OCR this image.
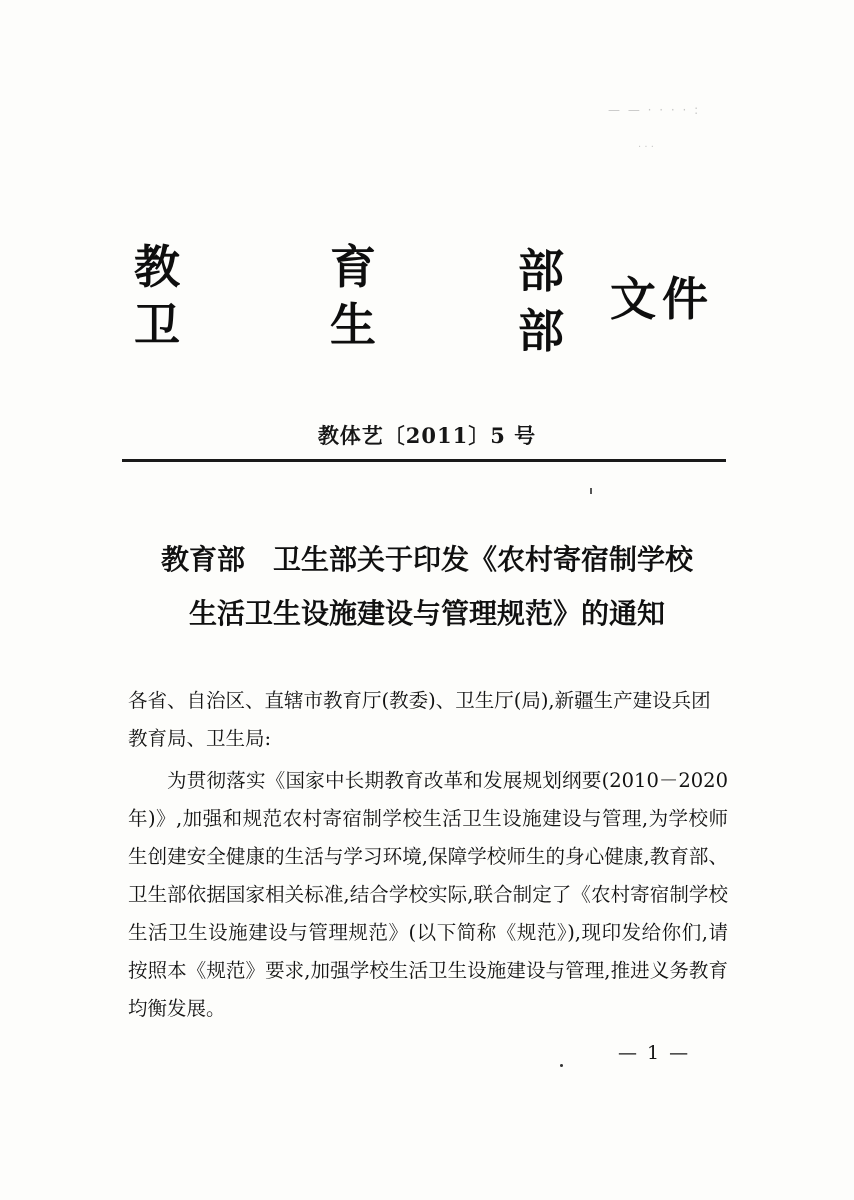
— — · · · · :
· · ·
教	育	部
卫	生	部
文件
教体艺〔2011〕5 号
教育部　卫生部关于印发《农村寄宿制学校
生活卫生设施建设与管理规范》的通知
各省、自治区、直辖市教育厅(教委)、卫生厅(局),新疆生产建设兵团教育局、卫生局:
为贯彻落实《国家中长期教育改革和发展规划纲要(2010－2020年)》,加强和规范农村寄宿制学校生活卫生设施建设与管理,为学校师生创建安全健康的生活与学习环境,保障学校师生的身心健康,教育部、卫生部依据国家相关标准,结合学校实际,联合制定了《农村寄宿制学校生活卫生设施建设与管理规范》(以下简称《规范》),现印发给你们,请按照本《规范》要求,加强学校生活卫生设施建设与管理,推进义务教育均衡发展。
— 1 —
